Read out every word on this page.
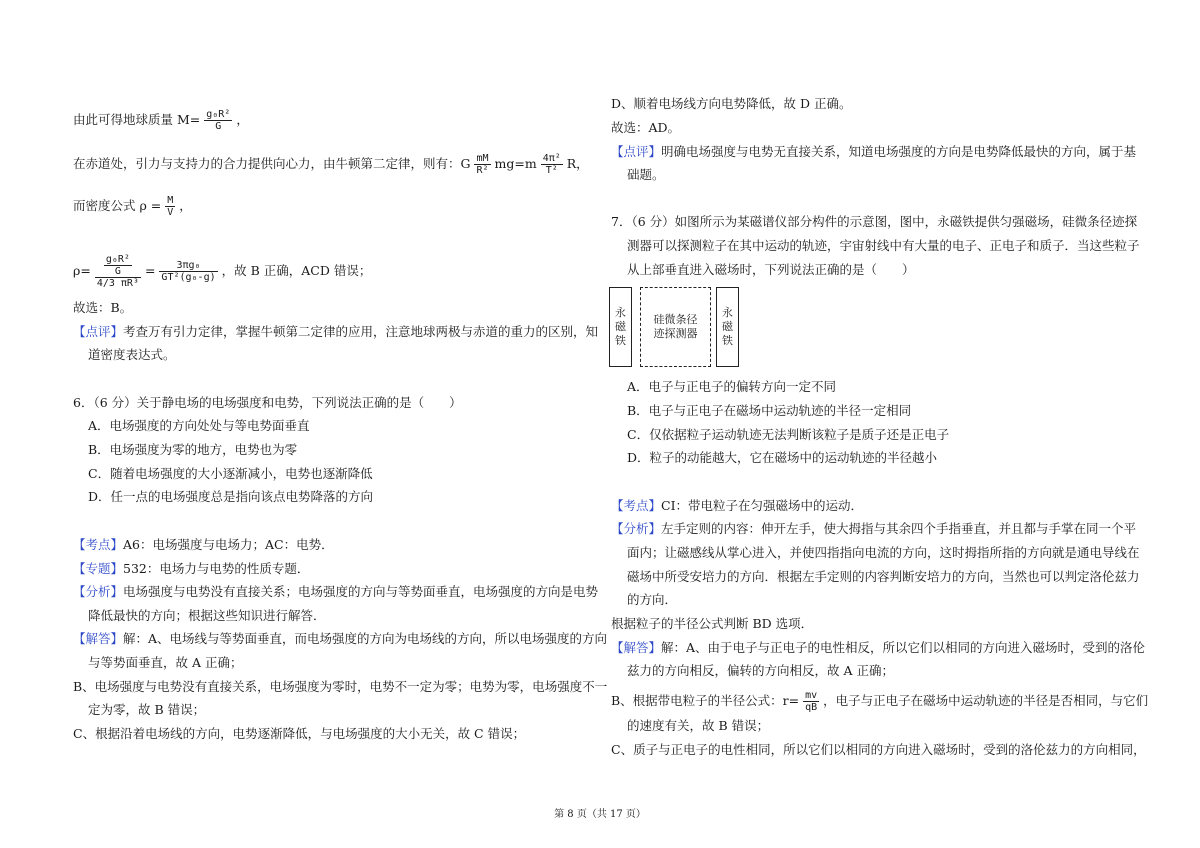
由此可得地球质量 $M= \frac{\text{g₀R²}}{G}$ ，
在赤道处，引力与支持力的合力提供向心力，由牛顿第二定律，则有：G $\frac{mM}{\text{R²}} mg=m \frac{\text{4π²}}{\text{T²}}$ R，
而密度公式 $\rho = \frac{M}{V}$ ，
$\rho= \frac{\frac{\text{g₀R²}}{G}}{\text{4/3 πR³}} = \frac{\text{3πg₀}}{\text{GT²(g₀-g)}}$ ，故 B 正确，ACD 错误；
故选：B。
【点评】考查万有引力定律，掌握牛顿第二定律的应用，注意地球两极与赤道的重力的区别，知
道密度表达式。
6．（6 分）关于静电场的电场强度和电势，下列说法正确的是（　　）
A．电场强度的方向处处与等电势面垂直
B．电场强度为零的地方，电势也为零
C．随着电场强度的大小逐渐减小，电势也逐渐降低
D．任一点的电场强度总是指向该点电势降落的方向
【考点】A6：电场强度与电场力；AC：电势．
【专题】532：电场力与电势的性质专题．
【分析】电场强度与电势没有直接关系；电场强度的方向与等势面垂直，电场强度的方向是电势
降低最快的方向；根据这些知识进行解答．
【解答】解：A、电场线与等势面垂直，而电场强度的方向为电场线的方向，所以电场强度的方向
与等势面垂直，故 A 正确；
B、电场强度与电势没有直接关系，电场强度为零时，电势不一定为零；电势为零，电场强度不一
定为零，故 B 错误；
C、根据沿着电场线的方向，电势逐渐降低，与电场强度的大小无关，故 C 错误；
D、顺着电场线方向电势降低，故 D 正确。
故选：AD。
【点评】明确电场强度与电势无直接关系，知道电场强度的方向是电势降低最快的方向，属于基
础题。
7．（6 分）如图所示为某磁谱仪部分构件的示意图，图中，永磁铁提供匀强磁场，硅微条径迹探
测器可以探测粒子在其中运动的轨迹，宇宙射线中有大量的电子、正电子和质子．当这些粒子
从上部垂直进入磁场时，下列说法正确的是（　　）
永磁铁
硅微条径迹探测器
永磁铁
A．电子与正电子的偏转方向一定不同
B．电子与正电子在磁场中运动轨迹的半径一定相同
C．仅依据粒子运动轨迹无法判断该粒子是质子还是正电子
D．粒子的动能越大，它在磁场中的运动轨迹的半径越小
【考点】CI：带电粒子在匀强磁场中的运动．
【分析】左手定则的内容：伸开左手，使大拇指与其余四个手指垂直，并且都与手掌在同一个平
面内；让磁感线从掌心进入，并使四指指向电流的方向，这时拇指所指的方向就是通电导线在
磁场中所受安培力的方向．根据左手定则的内容判断安培力的方向，当然也可以判定洛伦兹力
的方向．
根据粒子的半径公式判断 BD 选项．
【解答】解：A、由于电子与正电子的电性相反，所以它们以相同的方向进入磁场时，受到的洛伦
兹力的方向相反，偏转的方向相反，故 A 正确；
B、根据带电粒子的半径公式：$r= \frac{mv}{qB}$ ，电子与正电子在磁场中运动轨迹的半径是否相同，与它们
的速度有关，故 B 错误；
C、质子与正电子的电性相同，所以它们以相同的方向进入磁场时，受到的洛伦兹力的方向相同，
第 8 页（共 17 页）
